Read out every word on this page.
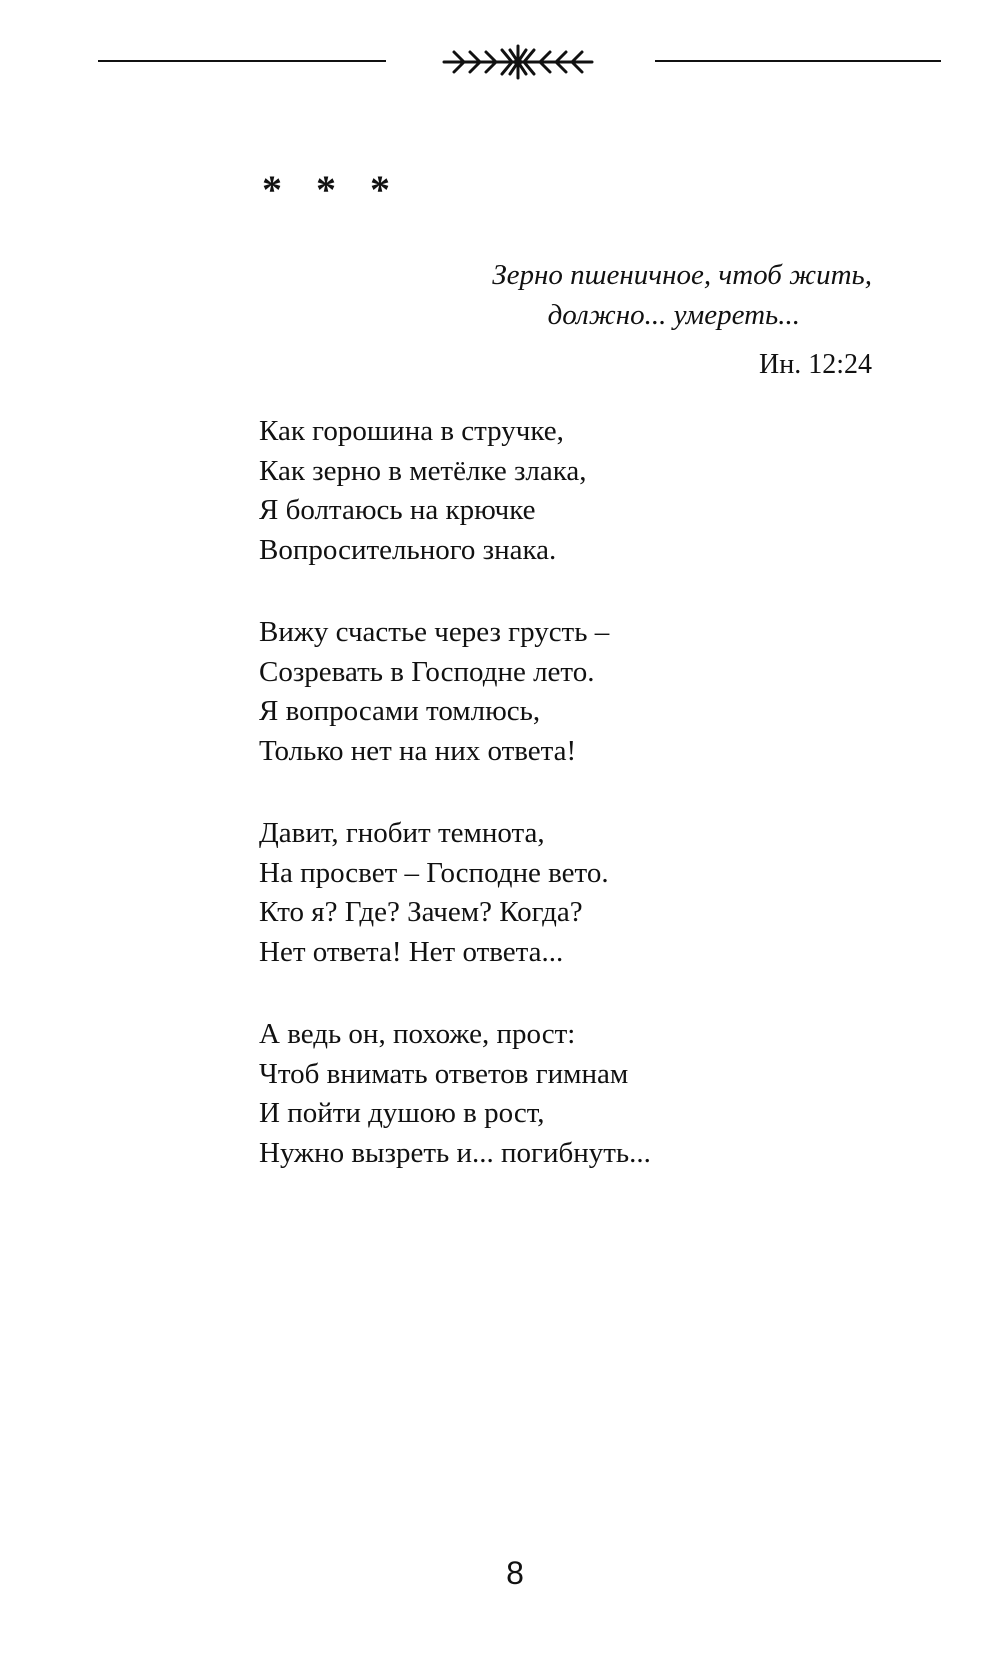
* * *
Зерно пшеничное, чтоб жить,
должно... умереть...
Ин. 12:24
Как горошина в стручке,
Как зерно в метёлке злака,
Я болтаюсь на крючке
Вопросительного знака.
Вижу счастье через грусть –
Созревать в Господне лето.
Я вопросами томлюсь,
Только нет на них ответа!
Давит, гнобит темнота,
На просвет – Господне вето.
Кто я? Где? Зачем? Когда?
Нет ответа! Нет ответа...
А ведь он, похоже, прост:
Чтоб внимать ответов гимнам
И пойти душою в рост,
Нужно вызреть и... погибнуть...
8
